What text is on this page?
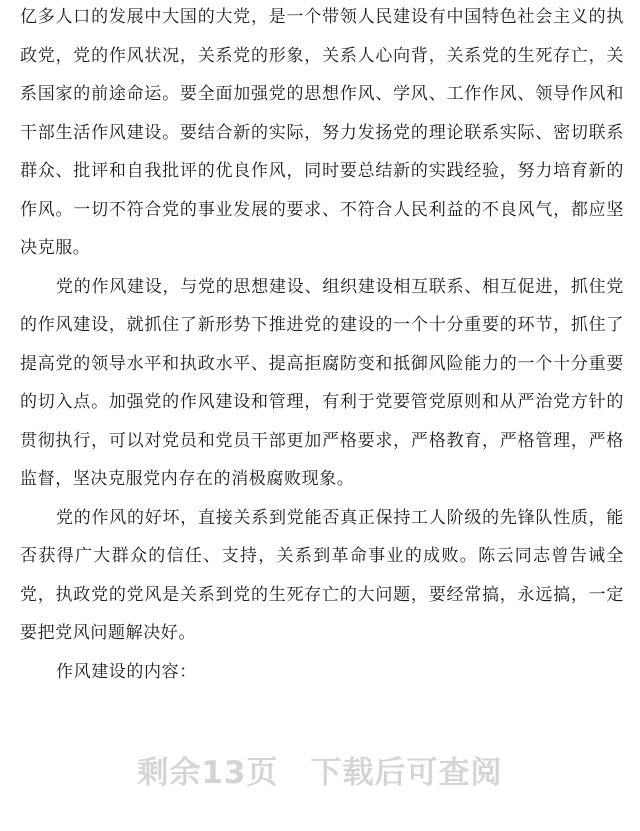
亿多人口的发展中大国的大党，是一个带领人民建设有中国特色社会主义的执政党，党的作风状况，关系党的形象，关系人心向背，关系党的生死存亡，关系国家的前途命运。要全面加强党的思想作风、学风、工作作风、领导作风和干部生活作风建设。要结合新的实际，努力发扬党的理论联系实际、密切联系群众、批评和自我批评的优良作风，同时要总结新的实践经验，努力培育新的作风。一切不符合党的事业发展的要求、不符合人民利益的不良风气，都应坚决克服。

党的作风建设，与党的思想建设、组织建设相互联系、相互促进，抓住党的作风建设，就抓住了新形势下推进党的建设的一个十分重要的环节，抓住了提高党的领导水平和执政水平、提高拒腐防变和抵御风险能力的一个十分重要的切入点。加强党的作风建设和管理，有利于党要管党原则和从严治党方针的贯彻执行，可以对党员和党员干部更加严格要求，严格教育，严格管理，严格监督，坚决克服党内存在的消极腐败现象。

党的作风的好坏，直接关系到党能否真正保持工人阶级的先锋队性质，能否获得广大群众的信任、支持，关系到革命事业的成败。陈云同志曾告诫全党，执政党的党风是关系到党的生死存亡的大问题，要经常搞，永远搞，一定要把党风问题解决好。

作风建设的内容：

剩余13页　下载后可查阅
